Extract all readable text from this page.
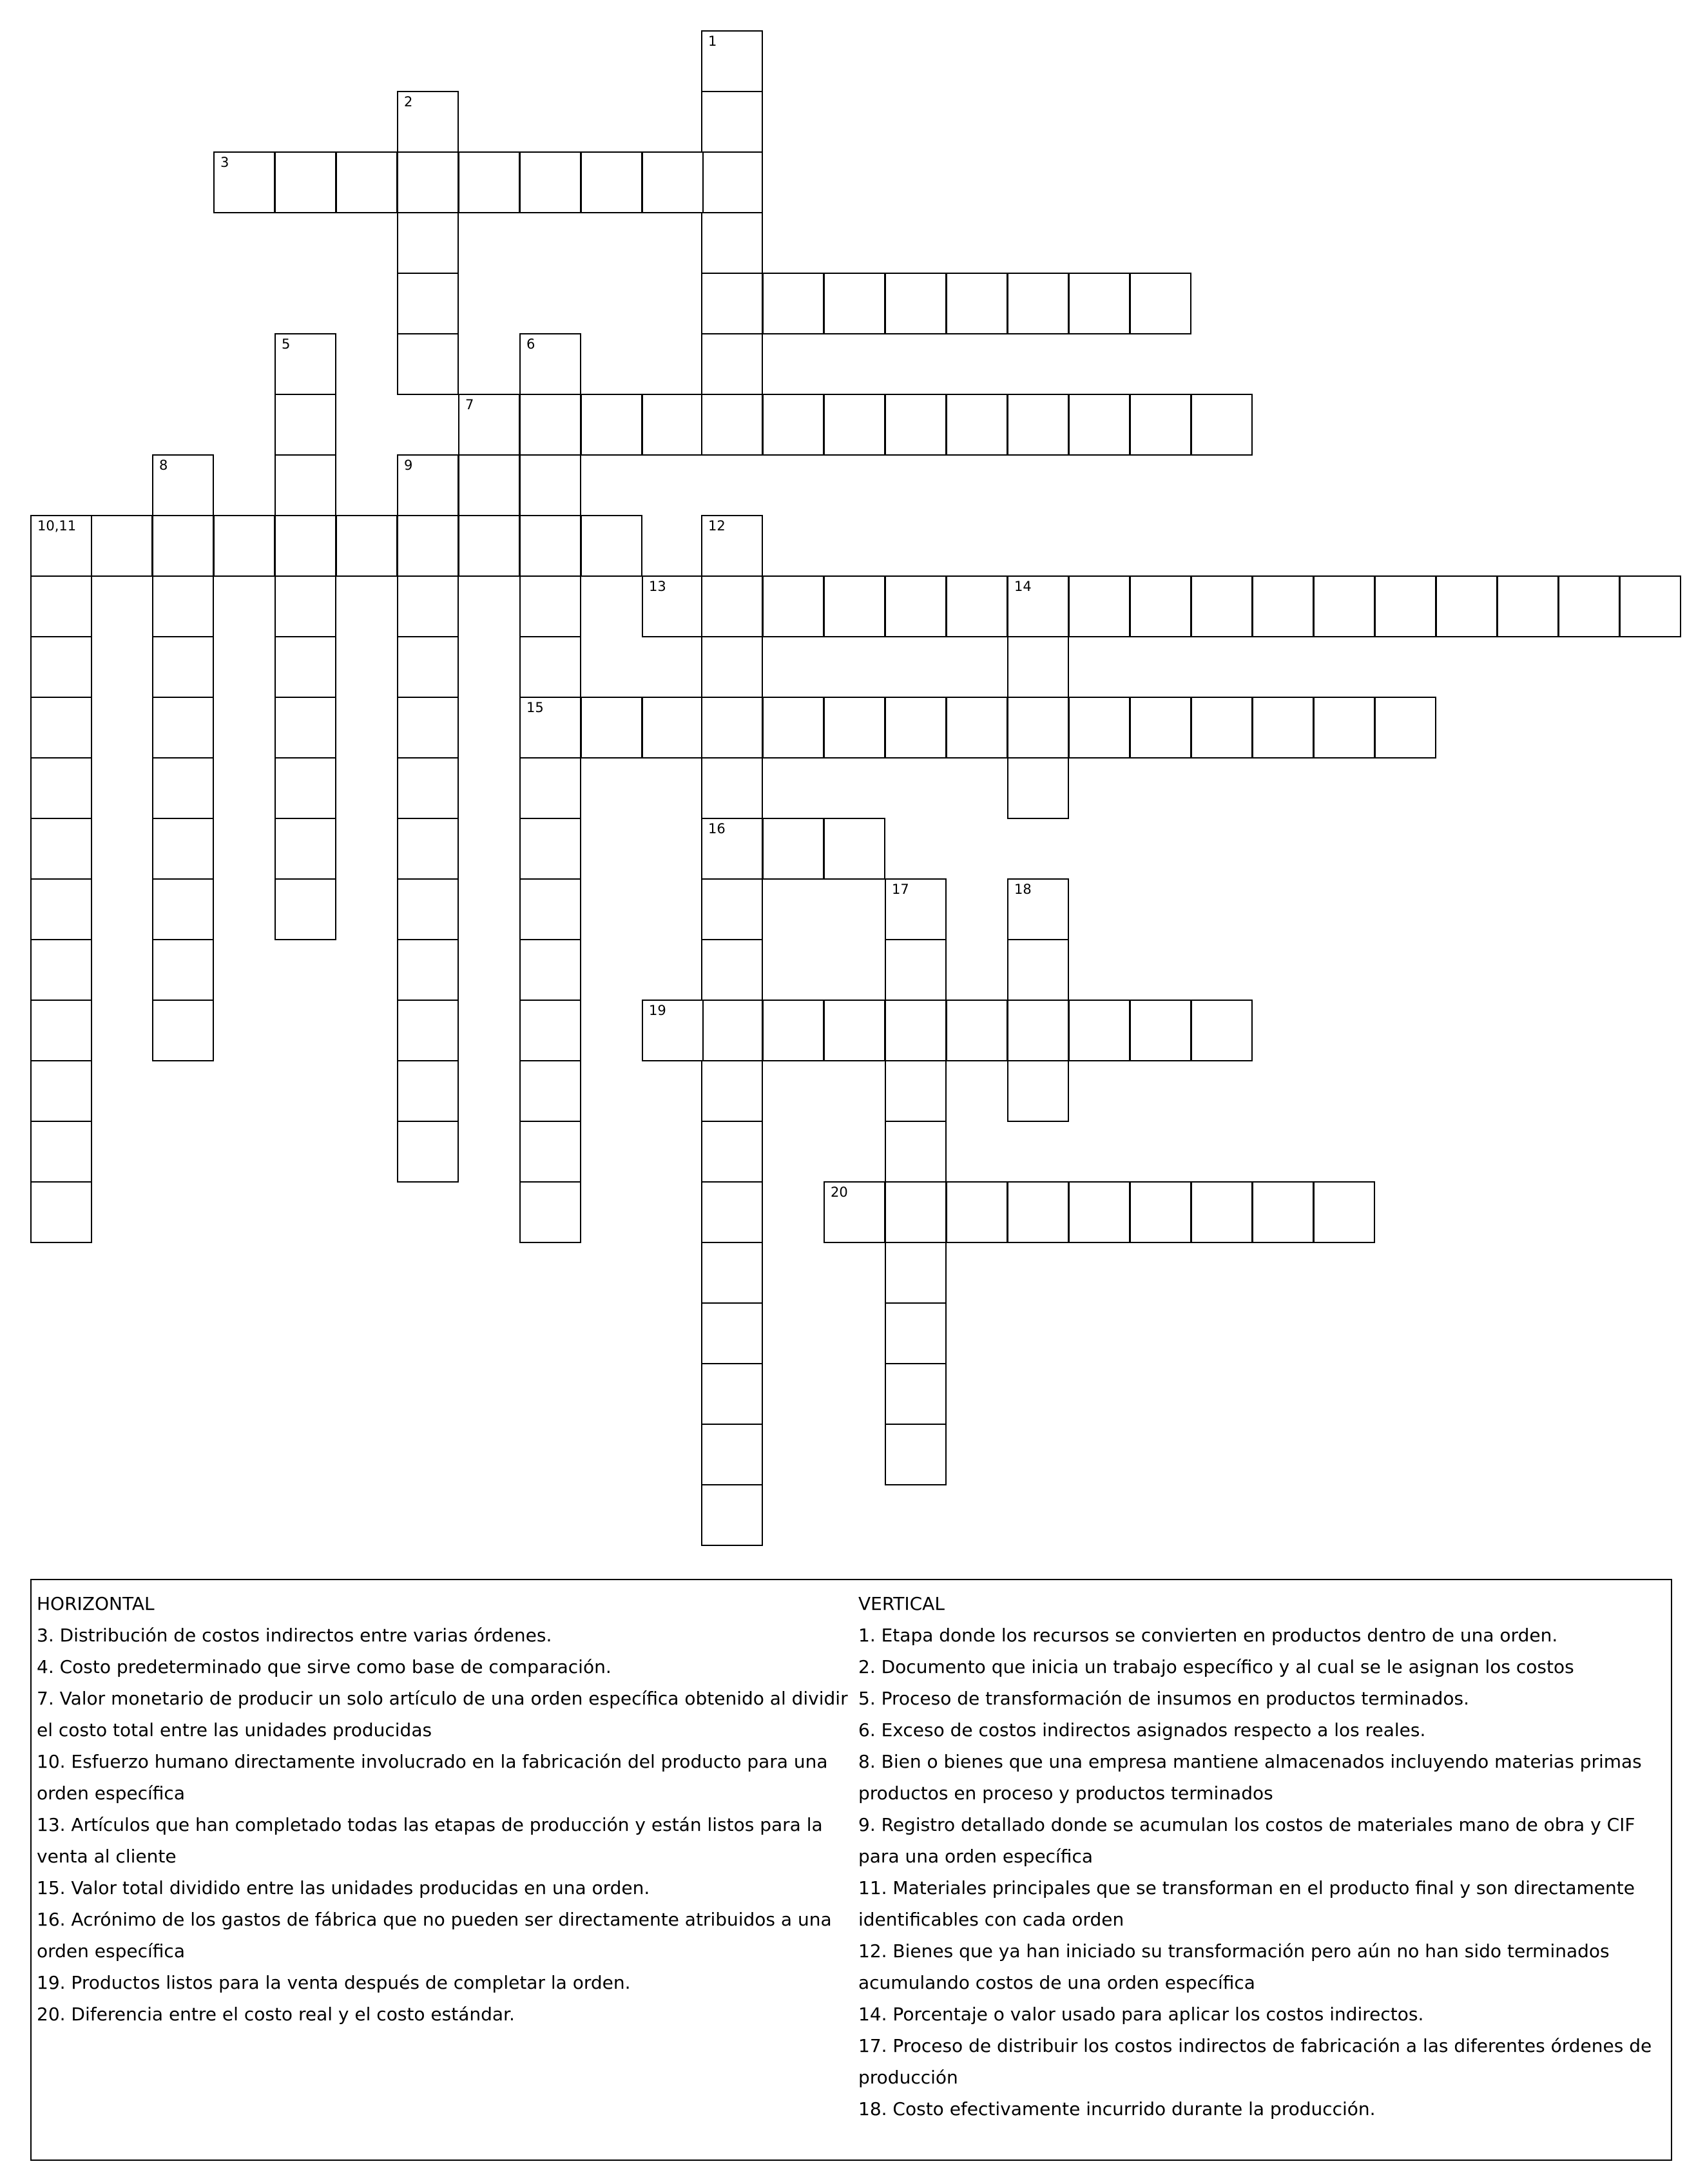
1
2
3
5	6
7
8	9
10,11	12
13	14
15
16
17	18
19
20

HORIZONTAL

3. Distribución de costos indirectos entre varias órdenes.

4. Costo predeterminado que sirve como base de comparación.

7. Valor monetario de producir un solo artículo de una orden específica obtenido al dividir el costo total entre las unidades producidas

10. Esfuerzo humano directamente involucrado en la fabricación del producto para una orden específica

13. Artículos que han completado todas las etapas de producción y están listos para la venta al cliente

15. Valor total dividido entre las unidades producidas en una orden.

16. Acrónimo de los gastos de fábrica que no pueden ser directamente atribuidos a una orden específica

19. Productos listos para la venta después de completar la orden.

20. Diferencia entre el costo real y el costo estándar.

VERTICAL

1. Etapa donde los recursos se convierten en productos dentro de una orden.

2. Documento que inicia un trabajo específico y al cual se le asignan los costos

5. Proceso de transformación de insumos en productos terminados.

6. Exceso de costos indirectos asignados respecto a los reales.

8. Bien o bienes que una empresa mantiene almacenados incluyendo materias primas productos en proceso y productos terminados

9. Registro detallado donde se acumulan los costos de materiales mano de obra y CIF para una orden específica

11. Materiales principales que se transforman en el producto final y son directamente identificables con cada orden

12. Bienes que ya han iniciado su transformación pero aún no han sido terminados acumulando costos de una orden específica

14. Porcentaje o valor usado para aplicar los costos indirectos.

17. Proceso de distribuir los costos indirectos de fabricación a las diferentes órdenes de producción

18. Costo efectivamente incurrido durante la producción.
